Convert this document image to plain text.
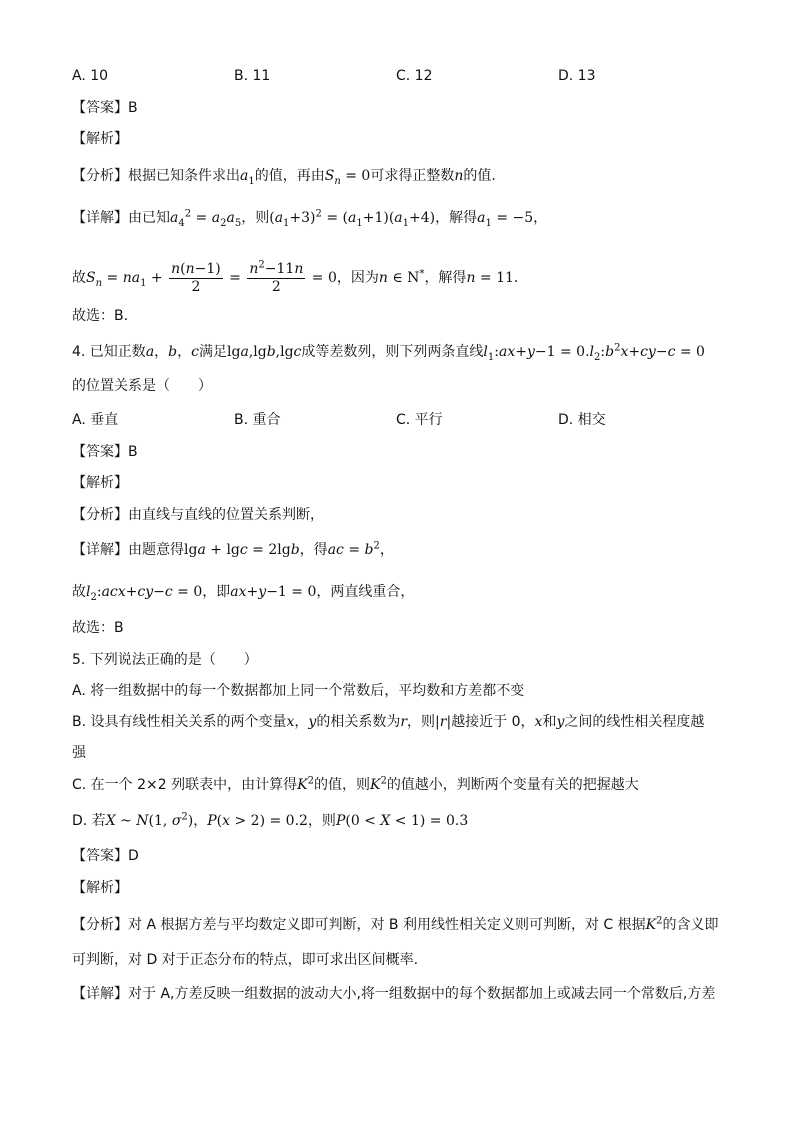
A. 10	B. 11	C. 12	D. 13
【答案】B
【解析】
【分析】根据已知条件求出$a_1$的值，再由$S_n = 0$可求得正整数n的值.
【详解】由已知$a_4^2 = a_2a_5$，则$(a_1+3)^2 = (a_1+1)(a_1+4)$，解得$a_1 = -5$，
故$S_n = na_1 + \frac{n(n-1)}{2} = \frac{n^2-11n}{2} = 0$，因为n ∈ N*，解得n = 11.
故选：B.
4. 已知正数a，b，c满足lga,lgb,lgc成等差数列，则下列两条直线$l_1:ax+y-1$ = $0.l_2:b^2x+cy-c = 0$
的位置关系是（　　）
A. 垂直	B. 重合	C. 平行	D. 相交
【答案】B
【解析】
【分析】由直线与直线的位置关系判断，
【详解】由题意得lga + lgc = 2lgb，得ac = $b^2$，
故$l_2:acx+cy-c = 0$，即ax+y−1 = 0，两直线重合，
故选：B
5. 下列说法正确的是（　　）
A. 将一组数据中的每一个数据都加上同一个常数后，平均数和方差都不变
B. 设具有线性相关关系的两个变量x，y的相关系数为r，则|r|越接近于 0，x和y之间的线性相关程度越
强
C. 在一个 2×2 列联表中，由计算得$K^2$的值，则$K^2$的值越小，判断两个变量有关的把握越大
D. 若X ~ N(1, $\sigma^2$)，P(x > 2) = 0.2，则P(0 < X < 1) = 0.3
【答案】D
【解析】
【分析】对 A 根据方差与平均数定义即可判断，对 B 利用线性相关定义则可判断，对 C 根据$K^2$的含义即
可判断，对 D 对于正态分布的特点，即可求出区间概率.
【详解】对于 A,方差反映一组数据的波动大小,将一组数据中的每个数据都加上或减去同一个常数后,方差
